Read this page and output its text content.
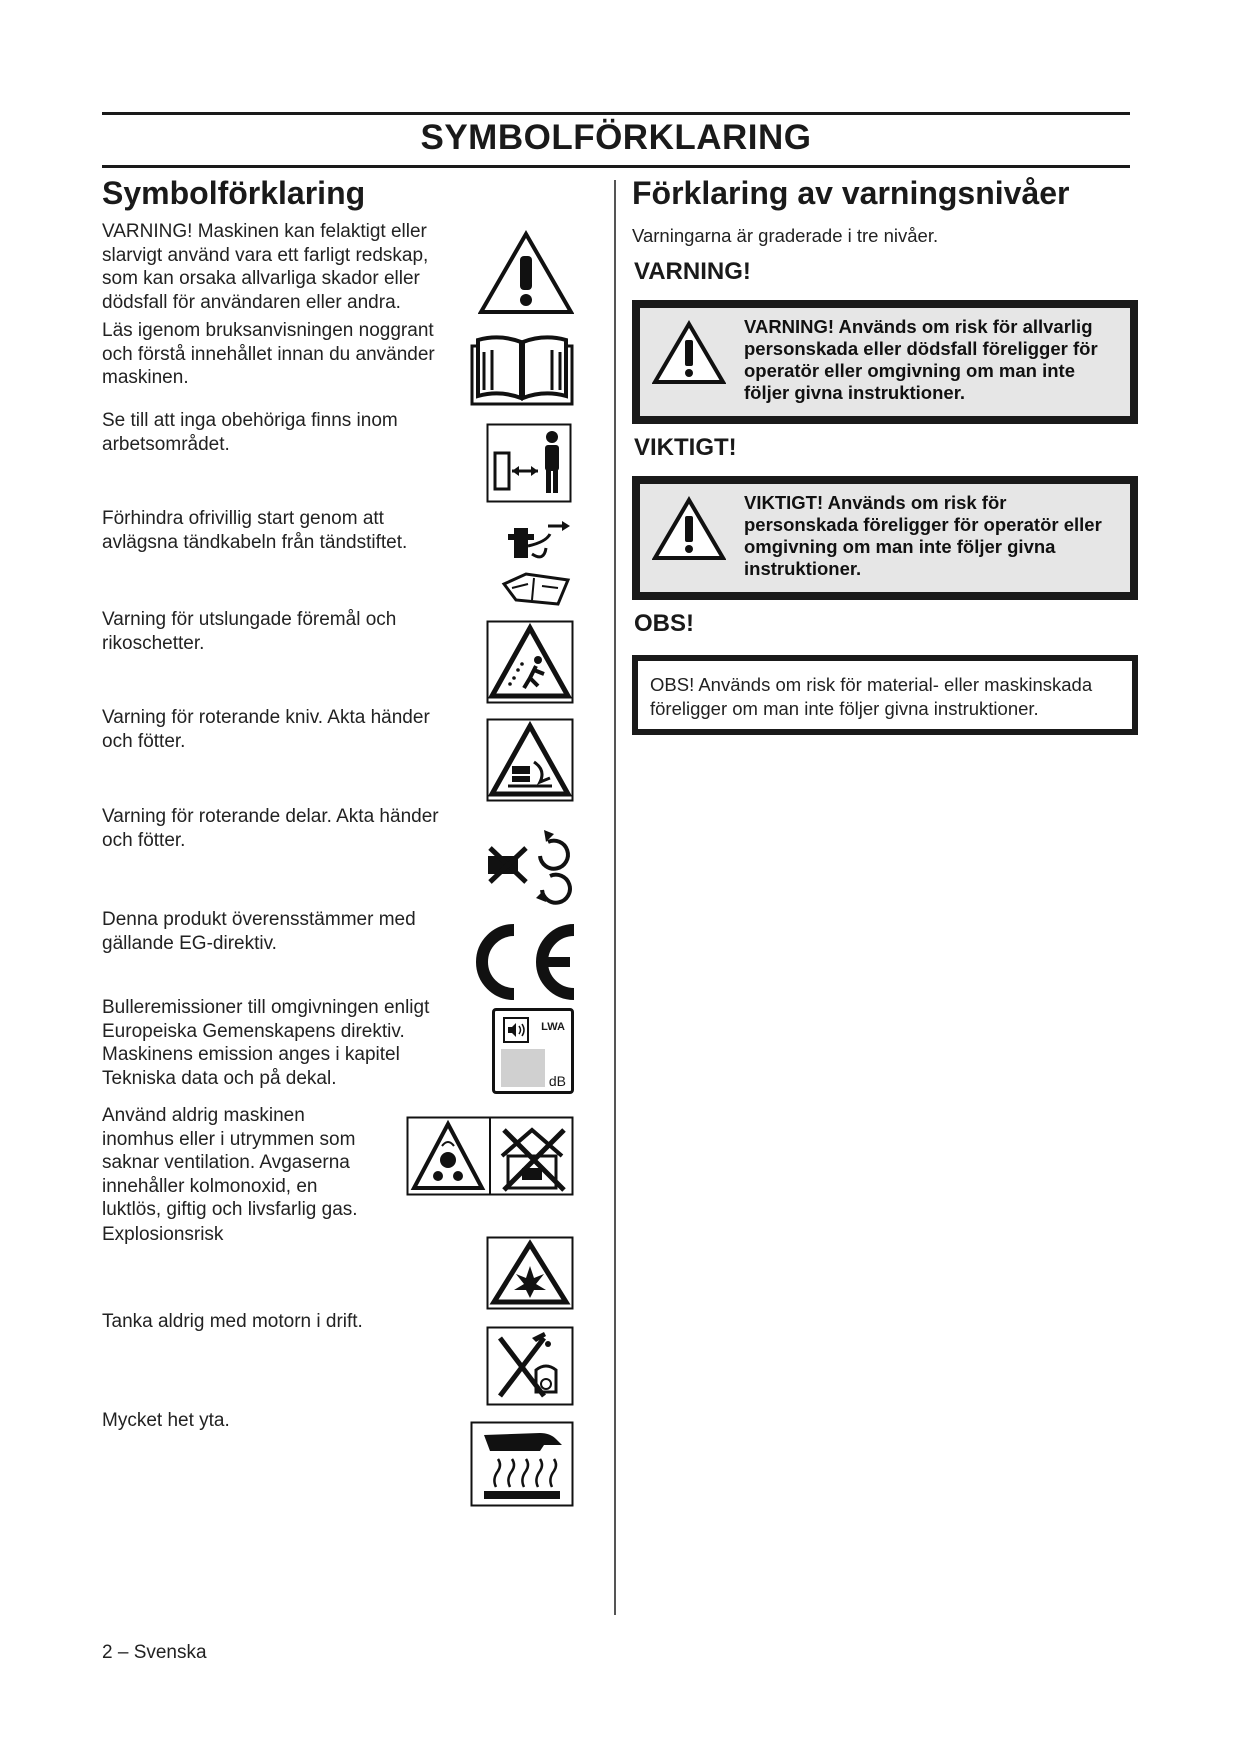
SYMBOLFÖRKLARING
Symbolförklaring
VARNING! Maskinen kan felaktigt eller
slarvigt använd vara ett farligt redskap,
som kan orsaka allvarliga skador eller
dödsfall för användaren eller andra.
Läs igenom bruksanvisningen noggrant
och förstå innehållet innan du använder
maskinen.
Se till att inga obehöriga finns inom
arbetsområdet.
Förhindra ofrivillig start genom att
avlägsna tändkabeln från tändstiftet.
Varning för utslungade föremål och
rikoschetter.
Varning för roterande kniv. Akta händer
och fötter.
Varning för roterande delar. Akta händer
och fötter.
Denna produkt överensstämmer med
gällande EG-direktiv.
Bulleremissioner till omgivningen enligt
Europeiska Gemenskapens direktiv.
Maskinens emission anges i kapitel
Tekniska data och på dekal.
LWA
dB
Använd aldrig maskinen
inomhus eller i utrymmen som
saknar ventilation. Avgaserna
innehåller kolmonoxid, en
luktlös, giftig och livsfarlig gas.
Explosionsrisk
Tanka aldrig med motorn i drift.
Mycket het yta.
Förklaring av varningsnivåer
Varningarna är graderade i tre nivåer.
VARNING!
VARNING! Används om risk för allvarlig personskada eller dödsfall föreligger för operatör eller omgivning om man inte följer givna instruktioner.
VIKTIGT!
VIKTIGT! Används om risk för personskada föreligger för operatör eller omgivning om man inte följer givna instruktioner.
OBS!
OBS! Används om risk för material- eller maskinskada föreligger om man inte följer givna instruktioner.
2 – Svenska
